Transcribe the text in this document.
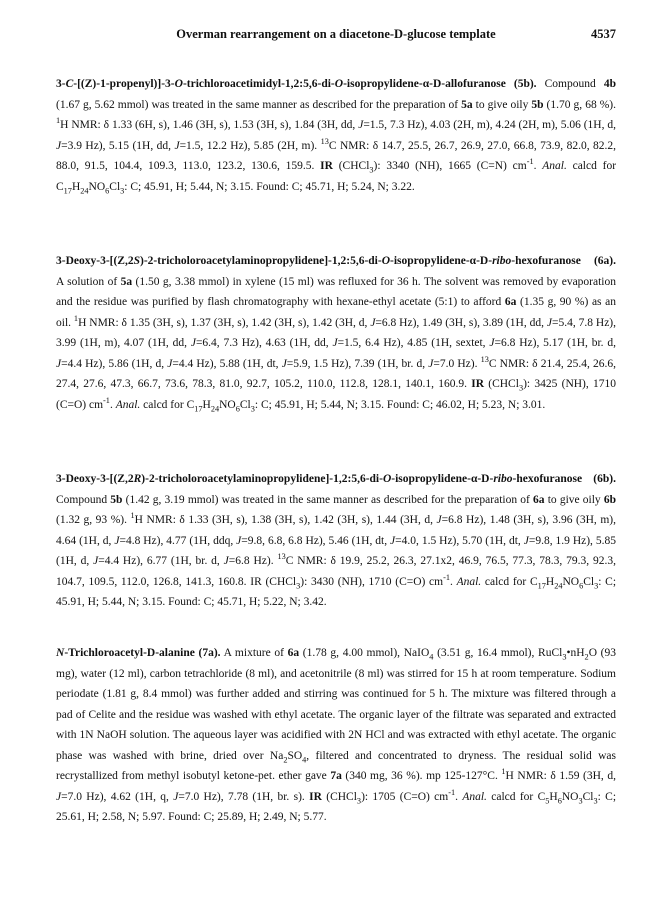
Overman rearrangement on a diacetone-D-glucose template	4537

3-C-[(Z)-1-propenyl)]-3-O-trichloroacetimidyl-1,2:5,6-di-O-isopropylidene-α-D-allofuranose (5b). Compound 4b (1.67 g, 5.62 mmol) was treated in the same manner as described for the preparation of 5a to give oily 5b (1.70 g, 68 %). $^1$H NMR: δ 1.33 (6H, s), 1.46 (3H, s), 1.53 (3H, s), 1.84 (3H, dd, J=1.5, 7.3 Hz), 4.03 (2H, m), 4.24 (2H, m), 5.06 (1H, d, J=3.9 Hz), 5.15 (1H, dd, J=1.5, 12.2 Hz), 5.85 (2H, m). $^{13}$C NMR: δ 14.7, 25.5, 26.7, 26.9, 27.0, 66.8, 73.9, 82.0, 82.2, 88.0, 91.5, 104.4, 109.3, 113.0, 123.2, 130.6, 159.5. IR (CHCl$_3$): 3340 (NH), 1665 (C=N) $cm^{-1}$. Anal. calcd for $C_{17}H_{24}NO_6Cl_3$: C; 45.91, H; 5.44, N; 3.15. Found: C; 45.71, H; 5.24, N; 3.22.

3-Deoxy-3-[(Z,2S)-2-tricholoroacetylaminopropylidene]-1,2:5,6-di-O-isopropylidene-α-D-ribo-hexofuranose (6a). A solution of 5a (1.50 g, 3.38 mmol) in xylene (15 ml) was refluxed for 36 h. The solvent was removed by evaporation and the residue was purified by flash chromatography with hexane-ethyl acetate (5:1) to afford 6a (1.35 g, 90 %) as an oil. $^1$H NMR: δ 1.35 (3H, s), 1.37 (3H, s), 1.42 (3H, s), 1.42 (3H, d, J=6.8 Hz), 1.49 (3H, s), 3.89 (1H, dd, J=5.4, 7.8 Hz), 3.99 (1H, m), 4.07 (1H, dd, J=6.4, 7.3 Hz), 4.63 (1H, dd, J=1.5, 6.4 Hz), 4.85 (1H, sextet, J=6.8 Hz), 5.17 (1H, br. d, J=4.4 Hz), 5.86 (1H, d, J=4.4 Hz), 5.88 (1H, dt, J=5.9, 1.5 Hz), 7.39 (1H, br. d, J=7.0 Hz). $^{13}$C NMR: δ 21.4, 25.4, 26.6, 27.4, 27.6, 47.3, 66.7, 73.6, 78.3, 81.0, 92.7, 105.2, 110.0, 112.8, 128.1, 140.1, 160.9. IR (CHCl$_3$): 3425 (NH), 1710 (C=O) $cm^{-1}$. Anal. calcd for $C_{17}H_{24}NO_6Cl_3$: C; 45.91, H; 5.44, N; 3.15. Found: C; 46.02, H; 5.23, N; 3.01.

3-Deoxy-3-[(Z,2R)-2-tricholoroacetylaminopropylidene]-1,2:5,6-di-O-isopropylidene-α-D-ribo-hexofuranose (6b). Compound 5b (1.42 g, 3.19 mmol) was treated in the same manner as described for the preparation of 6a to give oily 6b (1.32 g, 93 %). $^1$H NMR: δ 1.33 (3H, s), 1.38 (3H, s), 1.42 (3H, s), 1.44 (3H, d, J=6.8 Hz), 1.48 (3H, s), 3.96 (3H, m), 4.64 (1H, d, J=4.8 Hz), 4.77 (1H, ddq, J=9.8, 6.8, 6.8 Hz), 5.46 (1H, dt, J=4.0, 1.5 Hz), 5.70 (1H, dt, J=9.8, 1.9 Hz), 5.85 (1H, d, J=4.4 Hz), 6.77 (1H, br. d, J=6.8 Hz). $^{13}$C NMR: δ 19.9, 25.2, 26.3, 27.1x2, 46.9, 76.5, 77.3, 78.3, 79.3, 92.3, 104.7, 109.5, 112.0, 126.8, 141.3, 160.8. IR (CHCl$_3$): 3430 (NH), 1710 (C=O) $cm^{-1}$. Anal. calcd for $C_{17}H_{24}NO_6Cl_3$: C; 45.91, H; 5.44, N; 3.15. Found: C; 45.71, H; 5.22, N; 3.42.

N-Trichloroacetyl-D-alanine (7a). A mixture of 6a (1.78 g, 4.00 mmol), NaIO$_4$ (3.51 g, 16.4 mmol), $RuCl_3•nH_2O$ (93 mg), water (12 ml), carbon tetrachloride (8 ml), and acetonitrile (8 ml) was stirred for 15 h at room temperature. Sodium periodate (1.81 g, 8.4 mmol) was further added and stirring was continued for 5 h. The mixture was filtered through a pad of Celite and the residue was washed with ethyl acetate. The organic layer of the filtrate was separated and extracted with 1N NaOH solution. The aqueous layer was acidified with 2N HCl and was extracted with ethyl acetate. The organic phase was washed with brine, dried over $Na_2SO_4$, filtered and concentrated to dryness. The residual solid was recrystallized from methyl isobutyl ketone-pet. ether gave 7a (340 mg, 36 %). mp 125-127°C. $^1$H NMR: δ 1.59 (3H, d, J=7.0 Hz), 4.62 (1H, q, J=7.0 Hz), 7.78 (1H, br. s). IR (CHCl$_3$): 1705 (C=O) $cm^{-1}$. Anal. calcd for $C_5H_6NO_3Cl_3$: C; 25.61, H; 2.58, N; 5.97. Found: C; 25.89, H; 2.49, N; 5.77.
